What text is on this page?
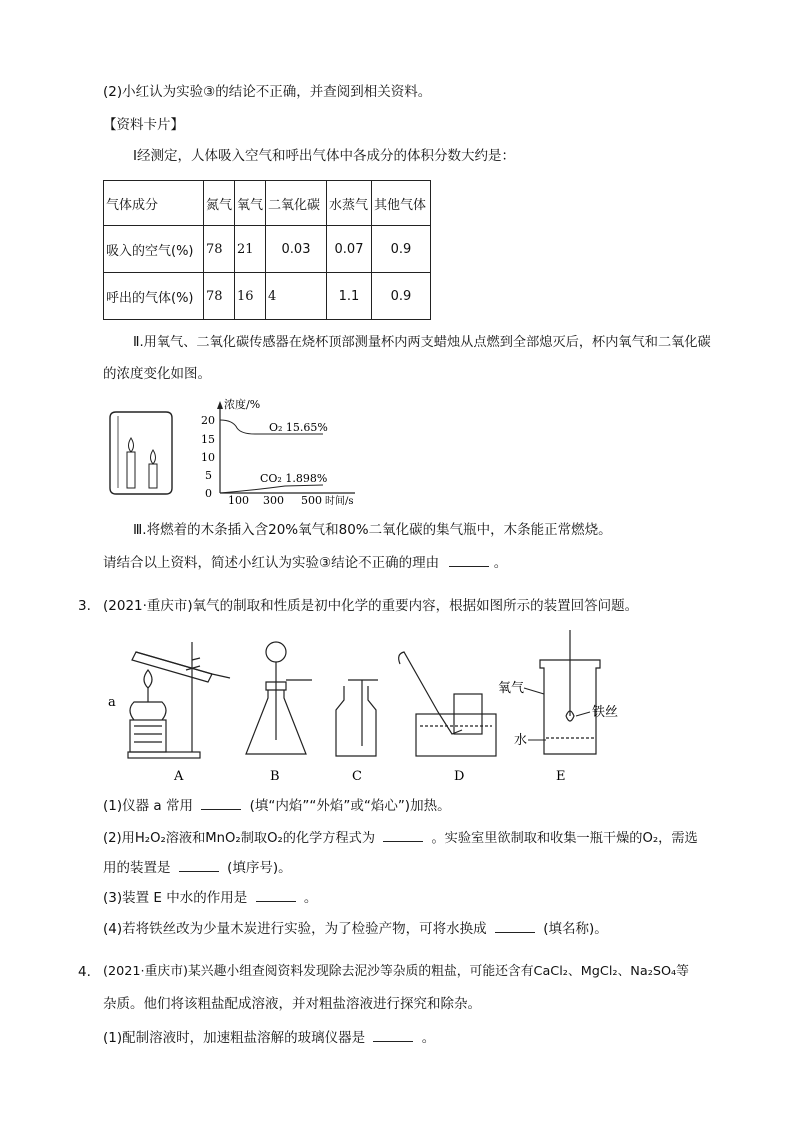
(2)小红认为实验③的结论不正确，并查阅到相关资料。
【资料卡片】
Ⅰ经测定，人体吸入空气和呼出气体中各成分的体积分数大约是：
气体成分	氮气	氧气	二氧化碳	水蒸气	其他气体
吸入的空气(%)	78	21	0.03	0.07	0.9
呼出的气体(%)	78	16	4	1.1	0.9
Ⅱ.用氧气、二氧化碳传感器在烧杯顶部测量杯内两支蜡烛从点燃到全部熄灭后，杯内氧气和二氧化碳
的浓度变化如图。
浓度/%
20
15
10
5
0
100 300 500 时间/s
O₂ 15.65%
CO₂ 1.898%
Ⅲ.将燃着的木条插入含20%氧气和80%二氧化碳的集气瓶中，木条能正常燃烧。
请结合以上资料，简述小红认为实验③结论不正确的理由	。
3. (2021·重庆市)氧气的制取和性质是初中化学的重要内容，根据如图所示的装置回答问题。
a
氧气
铁丝
水
A	B	C	D	E
(1)仪器 a 常用	(填“内焰”“外焰”或“焰心”)加热。
(2)用H₂O₂溶液和MnO₂制取O₂的化学方程式为	。实验室里欲制取和收集一瓶干燥的O₂，需选
用的装置是	(填序号)。
(3)装置 E 中水的作用是	。
(4)若将铁丝改为少量木炭进行实验，为了检验产物，可将水换成	(填名称)。
4. (2021·重庆市)某兴趣小组查阅资料发现除去泥沙等杂质的粗盐，可能还含有CaCl₂、MgCl₂、Na₂SO₄等
杂质。他们将该粗盐配成溶液，并对粗盐溶液进行探究和除杂。
(1)配制溶液时，加速粗盐溶解的玻璃仪器是	。
